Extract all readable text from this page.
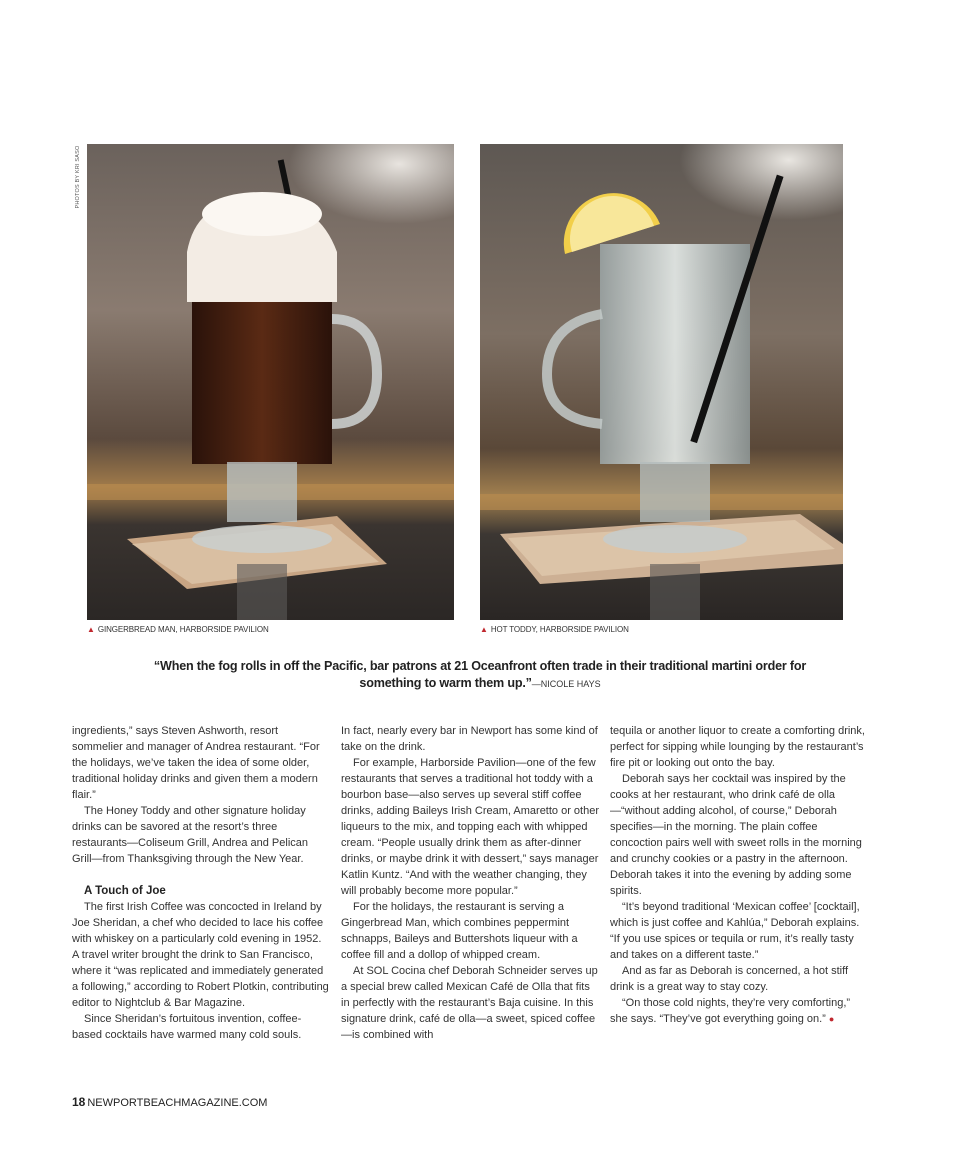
PHOTOS BY KRI SASO
▲ GINGERBREAD MAN, HARBORSIDE PAVILION	▲ HOT TODDY, HARBORSIDE PAVILION
“When the fog rolls in off the Pacific, bar patrons at 21 Oceanfront often trade in their traditional martini order for something to warm them up.”—NICOLE HAYS

ingredients,” says Steven Ashworth, resort sommelier and manager of Andrea restaurant. “For the holidays, we’ve taken the idea of some older, traditional holiday drinks and given them a modern flair.”

The Honey Toddy and other signature holiday drinks can be savored at the resort’s three restaurants—Coliseum Grill, Andrea and Pelican Grill—from Thanksgiving through the New Year.

A Touch of Joe

The first Irish Coffee was concocted in Ireland by Joe Sheridan, a chef who decided to lace his coffee with whiskey on a particularly cold evening in 1952. A travel writer brought the drink to San Francisco, where it “was replicated and immediately generated a following,” according to Robert Plotkin, contributing editor to Nightclub & Bar Magazine.

Since Sheridan’s fortuitous invention, coffee-based cocktails have warmed many cold souls.

In fact, nearly every bar in Newport has some kind of take on the drink.

For example, Harborside Pavilion—one of the few restaurants that serves a traditional hot toddy with a bourbon base—also serves up several stiff coffee drinks, adding Baileys Irish Cream, Amaretto or other liqueurs to the mix, and topping each with whipped cream. “People usually drink them as after-dinner drinks, or maybe drink it with dessert,” says manager Katlin Kuntz. “And with the weather changing, they will probably become more popular.”

For the holidays, the restaurant is serving a Gingerbread Man, which combines peppermint schnapps, Baileys and Buttershots liqueur with a coffee fill and a dollop of whipped cream.

At SOL Cocina chef Deborah Schneider serves up a special brew called Mexican Café de Olla that fits in perfectly with the restaurant’s Baja cuisine. In this signature drink, café de olla—a sweet, spiced coffee—is combined with

tequila or another liquor to create a comforting drink, perfect for sipping while lounging by the restaurant’s fire pit or looking out onto the bay.

Deborah says her cocktail was inspired by the cooks at her restaurant, who drink café de olla—“without adding alcohol, of course,” Deborah specifies—in the morning. The plain coffee concoction pairs well with sweet rolls in the morning and crunchy cookies or a pastry in the afternoon. Deborah takes it into the evening by adding some spirits.

“It’s beyond traditional ‘Mexican coffee’ [cocktail], which is just coffee and Kahlúa,” Deborah explains. “If you use spices or tequila or rum, it’s really tasty and takes on a different taste.”

And as far as Deborah is concerned, a hot stiff drink is a great way to stay cozy.

“On those cold nights, they’re very comforting,” she says. “They’ve got everything going on.” ●

18 NEWPORTBEACHMAGAZINE.COM
